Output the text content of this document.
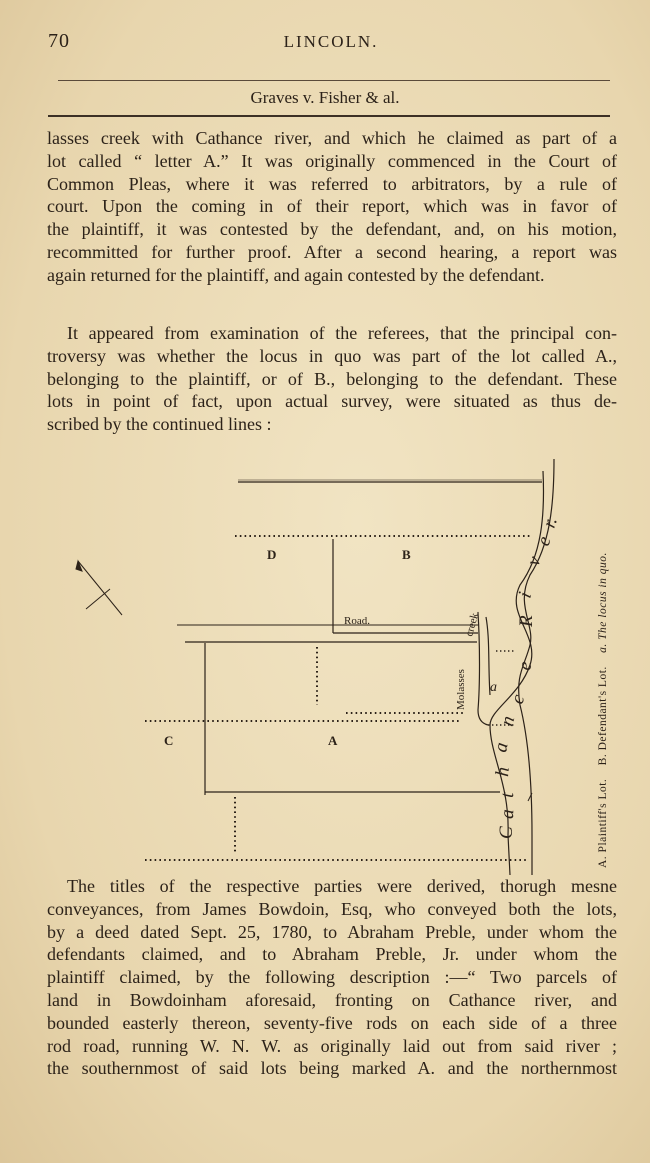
70	LINCOLN.
Graves v. Fisher & al.
lasses creek with Cathance river, and which he claimed as part of a
lot called “ letter A.” It was originally commenced in the Court of
Common Pleas, where it was referred to arbitrators, by a rule of
court. Upon the coming in of their report, which was in favor of
the plaintiff, it was contested by the defendant, and, on his motion,
recommitted for further proof. After a second hearing, a report was
again returned for the plaintiff, and again contested by the defendant.
It appeared from examination of the referees, that the principal con-
troversy was whether the locus in quo was part of the lot called A.,
belonging to the plaintiff, or of B., belonging to the defendant. These
lots in point of fact, upon actual survey, were situated as thus de-
scribed by the continued lines :
D	B
C	A
Road.	creek.
Molasses a
C
a
t
h
a
n
c
e
R
i
v
e
r.
A. Plaintiff's Lot. B. Defendant's Lot. a. The locus in quo.
The titles of the respective parties were derived, thorugh mesne
conveyances, from James Bowdoin, Esq, who conveyed both the lots,
by a deed dated Sept. 25, 1780, to Abraham Preble, under whom the
defendants claimed, and to Abraham Preble, Jr. under whom the
plaintiff claimed, by the following description :—“ Two parcels of
land in Bowdoinham aforesaid, fronting on Cathance river, and
bounded easterly thereon, seventy-five rods on each side of a three
rod road, running W. N. W. as originally laid out from said river ;
the southernmost of said lots being marked A. and the northernmost
